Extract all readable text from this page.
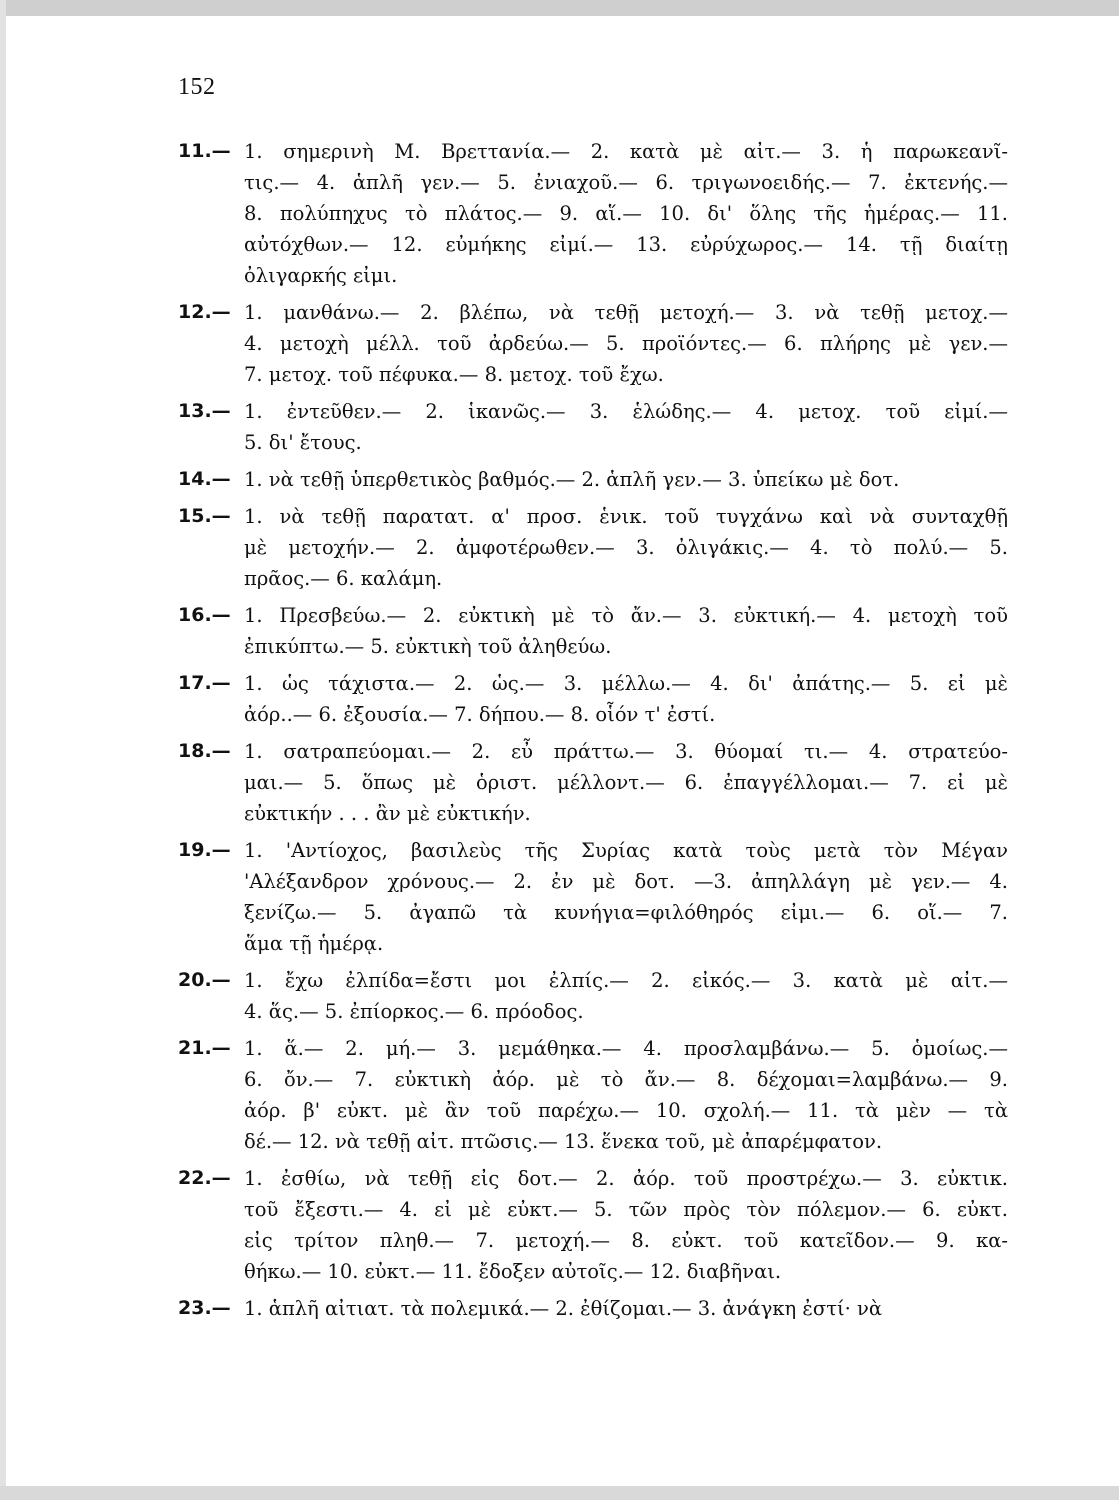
152
11.— 1. σημερινὴ Μ. Βρεττανία.— 2. κατὰ μὲ αἰτ.— 3. ἡ παρωκεανῖ-
τις.— 4. ἁπλῆ γεν.— 5. ἐνιαχοῦ.— 6. τριγωνοειδής.— 7. ἐκτενής.—
8. πολύπηχυς τὸ πλάτος.— 9. αἵ.— 10. δι' ὅλης τῆς ἡμέρας.— 11.
αὐτόχθων.— 12. εὐμήκης εἰμί.— 13. εὐρύχωρος.— 14. τῇ διαίτῃ
ὀλιγαρκής εἰμι.
12.— 1. μανθάνω.— 2. βλέπω, νὰ τεθῇ μετοχή.— 3. νὰ τεθῇ μετοχ.—
4. μετοχὴ μέλλ. τοῦ ἀρδεύω.— 5. προϊόντες.— 6. πλήρης μὲ γεν.—
7. μετοχ. τοῦ πέφυκα.— 8. μετοχ. τοῦ ἔχω.
13.— 1. ἐντεῦθεν.— 2. ἱκανῶς.— 3. ἑλώδης.— 4. μετοχ. τοῦ εἰμί.—
5. δι' ἔτους.
14.— 1. νὰ τεθῇ ὑπερθετικὸς βαθμός.— 2. ἁπλῆ γεν.— 3. ὑπείκω μὲ δοτ.
15.— 1. νὰ τεθῇ παρατατ. α' προσ. ἑνικ. τοῦ τυγχάνω καὶ νὰ συνταχθῇ
μὲ μετοχήν.— 2. ἀμφοτέρωθεν.— 3. ὀλιγάκις.— 4. τὸ πολύ.— 5.
πρᾶος.— 6. καλάμη.
16.— 1. Πρεσβεύω.— 2. εὐκτικὴ μὲ τὸ ἄν.— 3. εὐκτική.— 4. μετοχὴ τοῦ
ἐπικύπτω.— 5. εὐκτικὴ τοῦ ἀληθεύω.
17.— 1. ὡς τάχιστα.— 2. ὡς.— 3. μέλλω.— 4. δι' ἀπάτης.— 5. εἰ μὲ
ἀόρ..— 6. ἐξουσία.— 7. δήπου.— 8. οἷόν τ' ἐστί.
18.— 1. σατραπεύομαι.— 2. εὖ πράττω.— 3. θύομαί τι.— 4. στρατεύο-
μαι.— 5. ὅπως μὲ ὁριστ. μέλλοντ.— 6. ἐπαγγέλλομαι.— 7. εἰ μὲ
εὐκτικήν . . . ἂν μὲ εὐκτικήν.
19.— 1. 'Αντίοχος, βασιλεὺς τῆς Συρίας κατὰ τοὺς μετὰ τὸν Μέγαν
'Αλέξανδρον χρόνους.— 2. ἐν μὲ δοτ. —3. ἀπηλλάγη μὲ γεν.— 4.
ξενίζω.— 5. ἀγαπῶ τὰ κυνήγια=φιλόθηρός εἰμι.— 6. οἵ.— 7.
ἅμα τῇ ἡμέρᾳ.
20.— 1. ἔχω ἐλπίδα=ἔστι μοι ἐλπίς.— 2. εἰκός.— 3. κατὰ μὲ αἰτ.—
4. ἅς.— 5. ἐπίορκος.— 6. πρόοδος.
21.— 1. ἅ.— 2. μή.— 3. μεμάθηκα.— 4. προσλαμβάνω.— 5. ὁμοίως.—
6. ὄν.— 7. εὐκτικὴ ἀόρ. μὲ τὸ ἄν.— 8. δέχομαι=λαμβάνω.— 9.
ἀόρ. β' εὐκτ. μὲ ἂν τοῦ παρέχω.— 10. σχολή.— 11. τὰ μὲν — τὰ
δέ.— 12. νὰ τεθῇ αἰτ. πτῶσις.— 13. ἕνεκα τοῦ, μὲ ἀπαρέμφατον.
22.— 1. ἐσθίω, νὰ τεθῇ εἰς δοτ.— 2. ἀόρ. τοῦ προστρέχω.— 3. εὐκτικ.
τοῦ ἔξεστι.— 4. εἰ μὲ εὐκτ.— 5. τῶν πρὸς τὸν πόλεμον.— 6. εὐκτ.
εἰς τρίτον πληθ.— 7. μετοχή.— 8. εὐκτ. τοῦ κατεῖδον.— 9. κα-
θήκω.— 10. εὐκτ.— 11. ἔδοξεν αὐτοῖς.— 12. διαβῆναι.
23.— 1. ἁπλῆ αἰτιατ. τὰ πολεμικά.— 2. ἐθίζομαι.— 3. ἀνάγκη ἐστί· νὰ
